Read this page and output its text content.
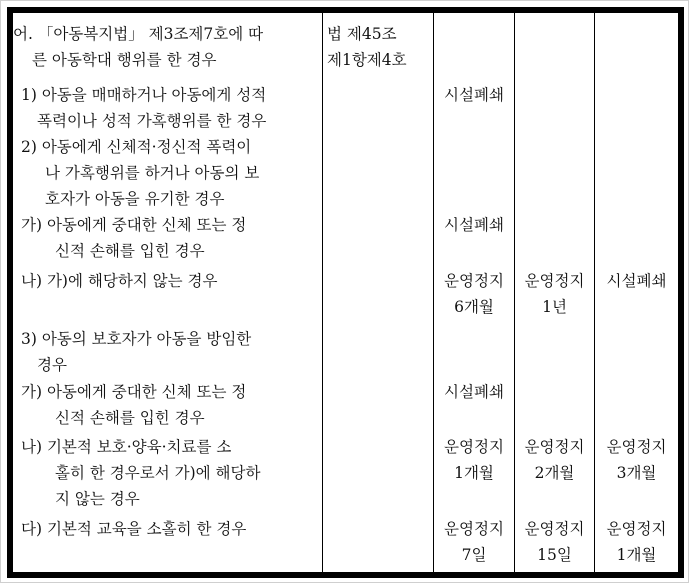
어. 「아동복지법」 제3조제7호에 따
른 아동학대 행위를 한 경우
법 제45조
제1항제4호
1) 아동을 매매하거나 아동에게 성적
폭력이나 성적 가혹행위를 한 경우
시설폐쇄
2) 아동에게 신체적·정신적 폭력이
나 가혹행위를 하거나 아동의 보
호자가 아동을 유기한 경우
가) 아동에게 중대한 신체 또는 정
신적 손해를 입힌 경우
시설폐쇄
나) 가)에 해당하지 않는 경우	운영정지
6개월
운영정지
1년
시설폐쇄
3) 아동의 보호자가 아동을 방임한
경우
가) 아동에게 중대한 신체 또는 정
신적 손해를 입힌 경우
시설폐쇄
나) 기본적 보호·양육·치료를 소
홀히 한 경우로서 가)에 해당하
지 않는 경우
운영정지
1개월
운영정지
2개월
운영정지
3개월
다) 기본적 교육을 소홀히 한 경우	운영정지
7일
운영정지
15일
운영정지
1개월
